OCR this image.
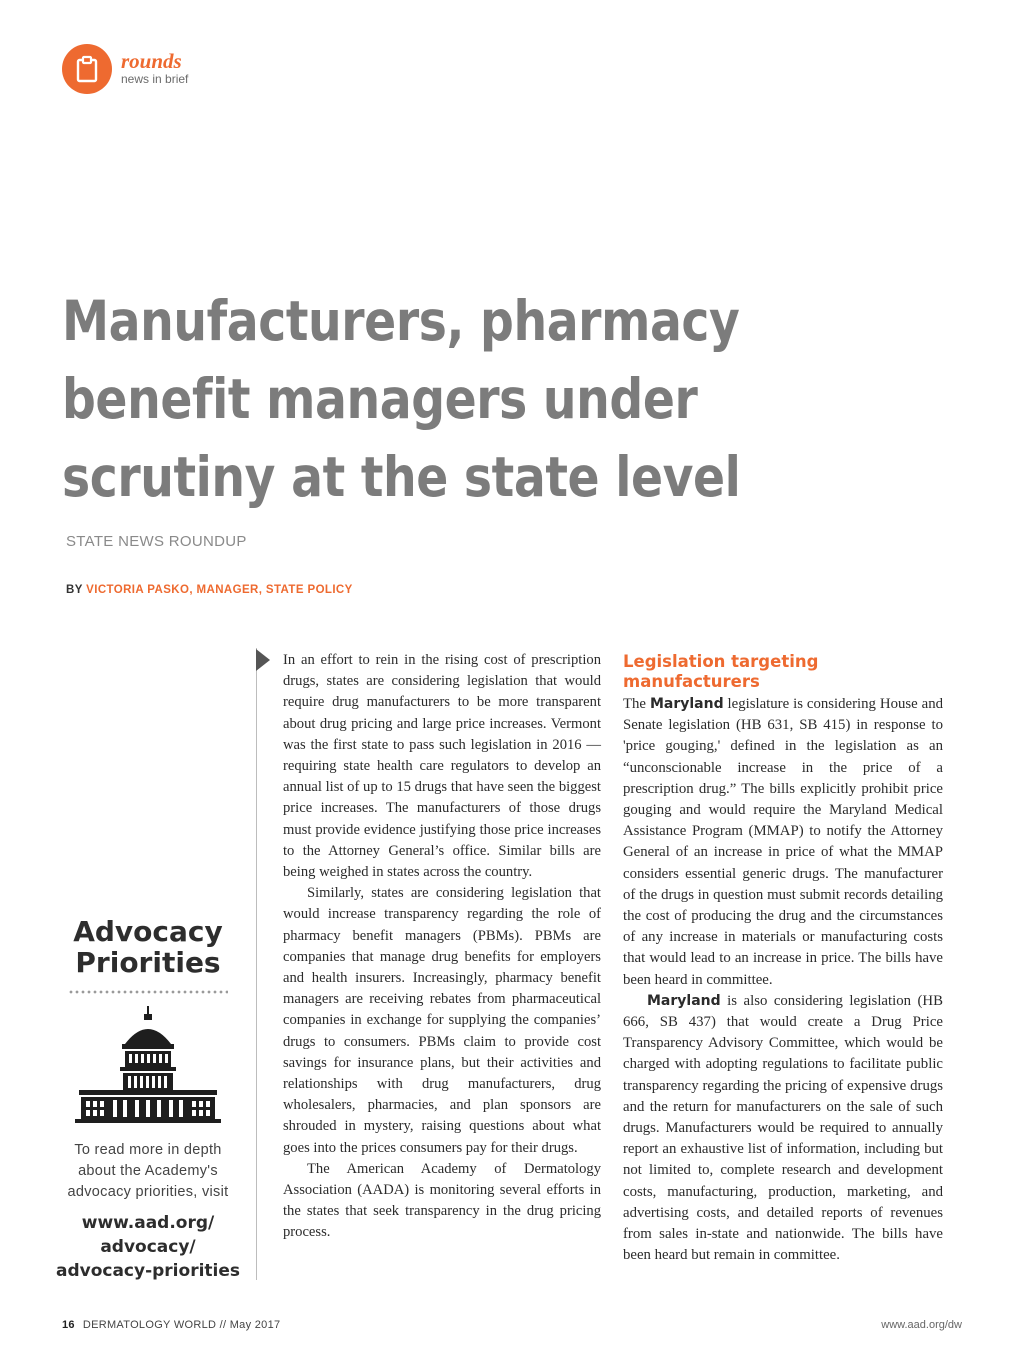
rounds
news in brief
Manufacturers, pharmacy benefit managers under scrutiny at the state level
STATE NEWS ROUNDUP
BY VICTORIA PASKO, MANAGER, STATE POLICY
Advocacy
Priorities
To read more in depth about the Academy's advocacy priorities, visit
www.aad.org/
advocacy/
advocacy-priorities

In an effort to rein in the rising cost of prescription drugs, states are considering legislation that would require drug manufacturers to be more transparent about drug pricing and large price increases. Vermont was the first state to pass such legislation in 2016 — requiring state health care regulators to develop an annual list of up to 15 drugs that have seen the biggest price increases. The manufacturers of those drugs must provide evidence justifying those price increases to the Attorney General’s office. Similar bills are being weighed in states across the country.

Similarly, states are considering legislation that would increase transparency regarding the role of pharmacy benefit managers (PBMs). PBMs are companies that manage drug benefits for employers and health insurers. Increasingly, pharmacy benefit managers are receiving rebates from pharmaceutical companies in exchange for supplying the companies’ drugs to consumers. PBMs claim to provide cost savings for insurance plans, but their activities and relationships with drug manufacturers, drug wholesalers, pharmacies, and plan sponsors are shrouded in mystery, raising questions about what goes into the prices consumers pay for their drugs.

The American Academy of Dermatology Association (AADA) is monitoring several efforts in the states that seek transparency in the drug pricing process.

Legislation targeting manufacturers

The Maryland legislature is considering House and Senate legislation (HB 631, SB 415) in response to 'price gouging,' defined in the legislation as an “unconscionable increase in the price of a prescription drug.” The bills explicitly prohibit price gouging and would require the Maryland Medical Assistance Program (MMAP) to notify the Attorney General of an increase in price of what the MMAP considers essential generic drugs. The manufacturer of the drugs in question must submit records detailing the cost of producing the drug and the circumstances of any increase in materials or manufacturing costs that would lead to an increase in price. The bills have been heard in committee.

Maryland is also considering legislation (HB 666, SB 437) that would create a Drug Price Transparency Advisory Committee, which would be charged with adopting regulations to facilitate public transparency regarding the pricing of expensive drugs and the return for manufacturers on the sale of such drugs. Manufacturers would be required to annually report an exhaustive list of information, including but not limited to, complete research and development costs, manufacturing, production, marketing, and advertising costs, and detailed reports of revenues from sales in-state and nationwide. The bills have been heard but remain in committee.

16 DERMATOLOGY WORLD // May 2017	www.aad.org/dw
